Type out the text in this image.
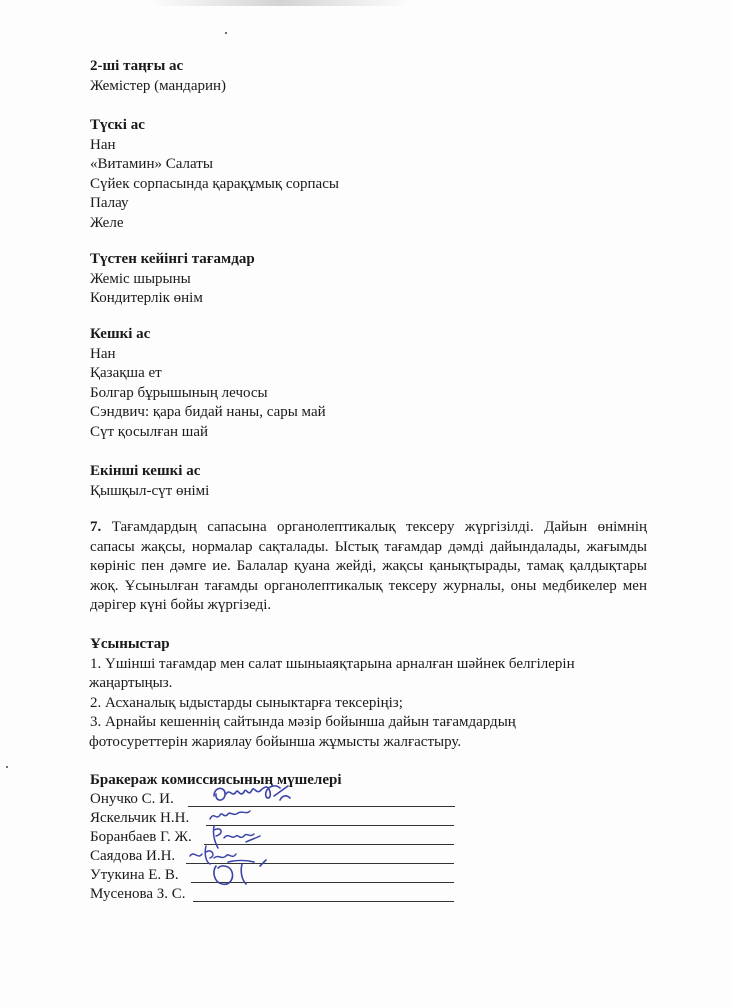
2-ші таңғы ас
Жемістер (мандарин)
Түскі ас
Нан
«Витамин» Салаты
Сүйек сорпасында қарақұмық сорпасы
Палау
Желе
Түстен кейінгі тағамдар
Жеміс шырыны
Кондитерлік өнім
Кешкі ас
Нан
Қазақша ет
Болгар бұрышының лечосы
Сэндвич: қара бидай наны, сары май
Сүт қосылған шай
Екінші кешкі ас
Қышқыл-сүт өнімі
7. Тағамдардың сапасына органолептикалық тексеру жүргізілді. Дайын өнімнің сапасы жақсы, нормалар сақталады. Ыстық тағамдар дәмді дайындалады, жағымды көрініс пен дәмге ие. Балалар қуана жейді, жақсы қанықтырады, тамақ қалдықтары жоқ. Ұсынылған тағамды органолептикалық тексеру журналы, оны медбикелер мен дәрігер күні бойы жүргізеді.
Ұсыныстар
1. Үшінші тағамдар мен салат шыныаяқтарына арналған шәйнек белгілерін
жаңартыңыз.
2. Асханалық ыдыстарды сыныктарға тексеріңіз;
3. Арнайы кешеннің сайтында мәзір бойынша дайын тағамдардың
фотосуреттерін жариялау бойынша жұмысты жалғастыру.
Бракераж комиссиясының мүшелері
Онучко С. И.
Яскельчик Н.Н.
Боранбаев Г. Ж.
Саядова И.Н.
Утукина Е. В.
Мусенова З. С.
